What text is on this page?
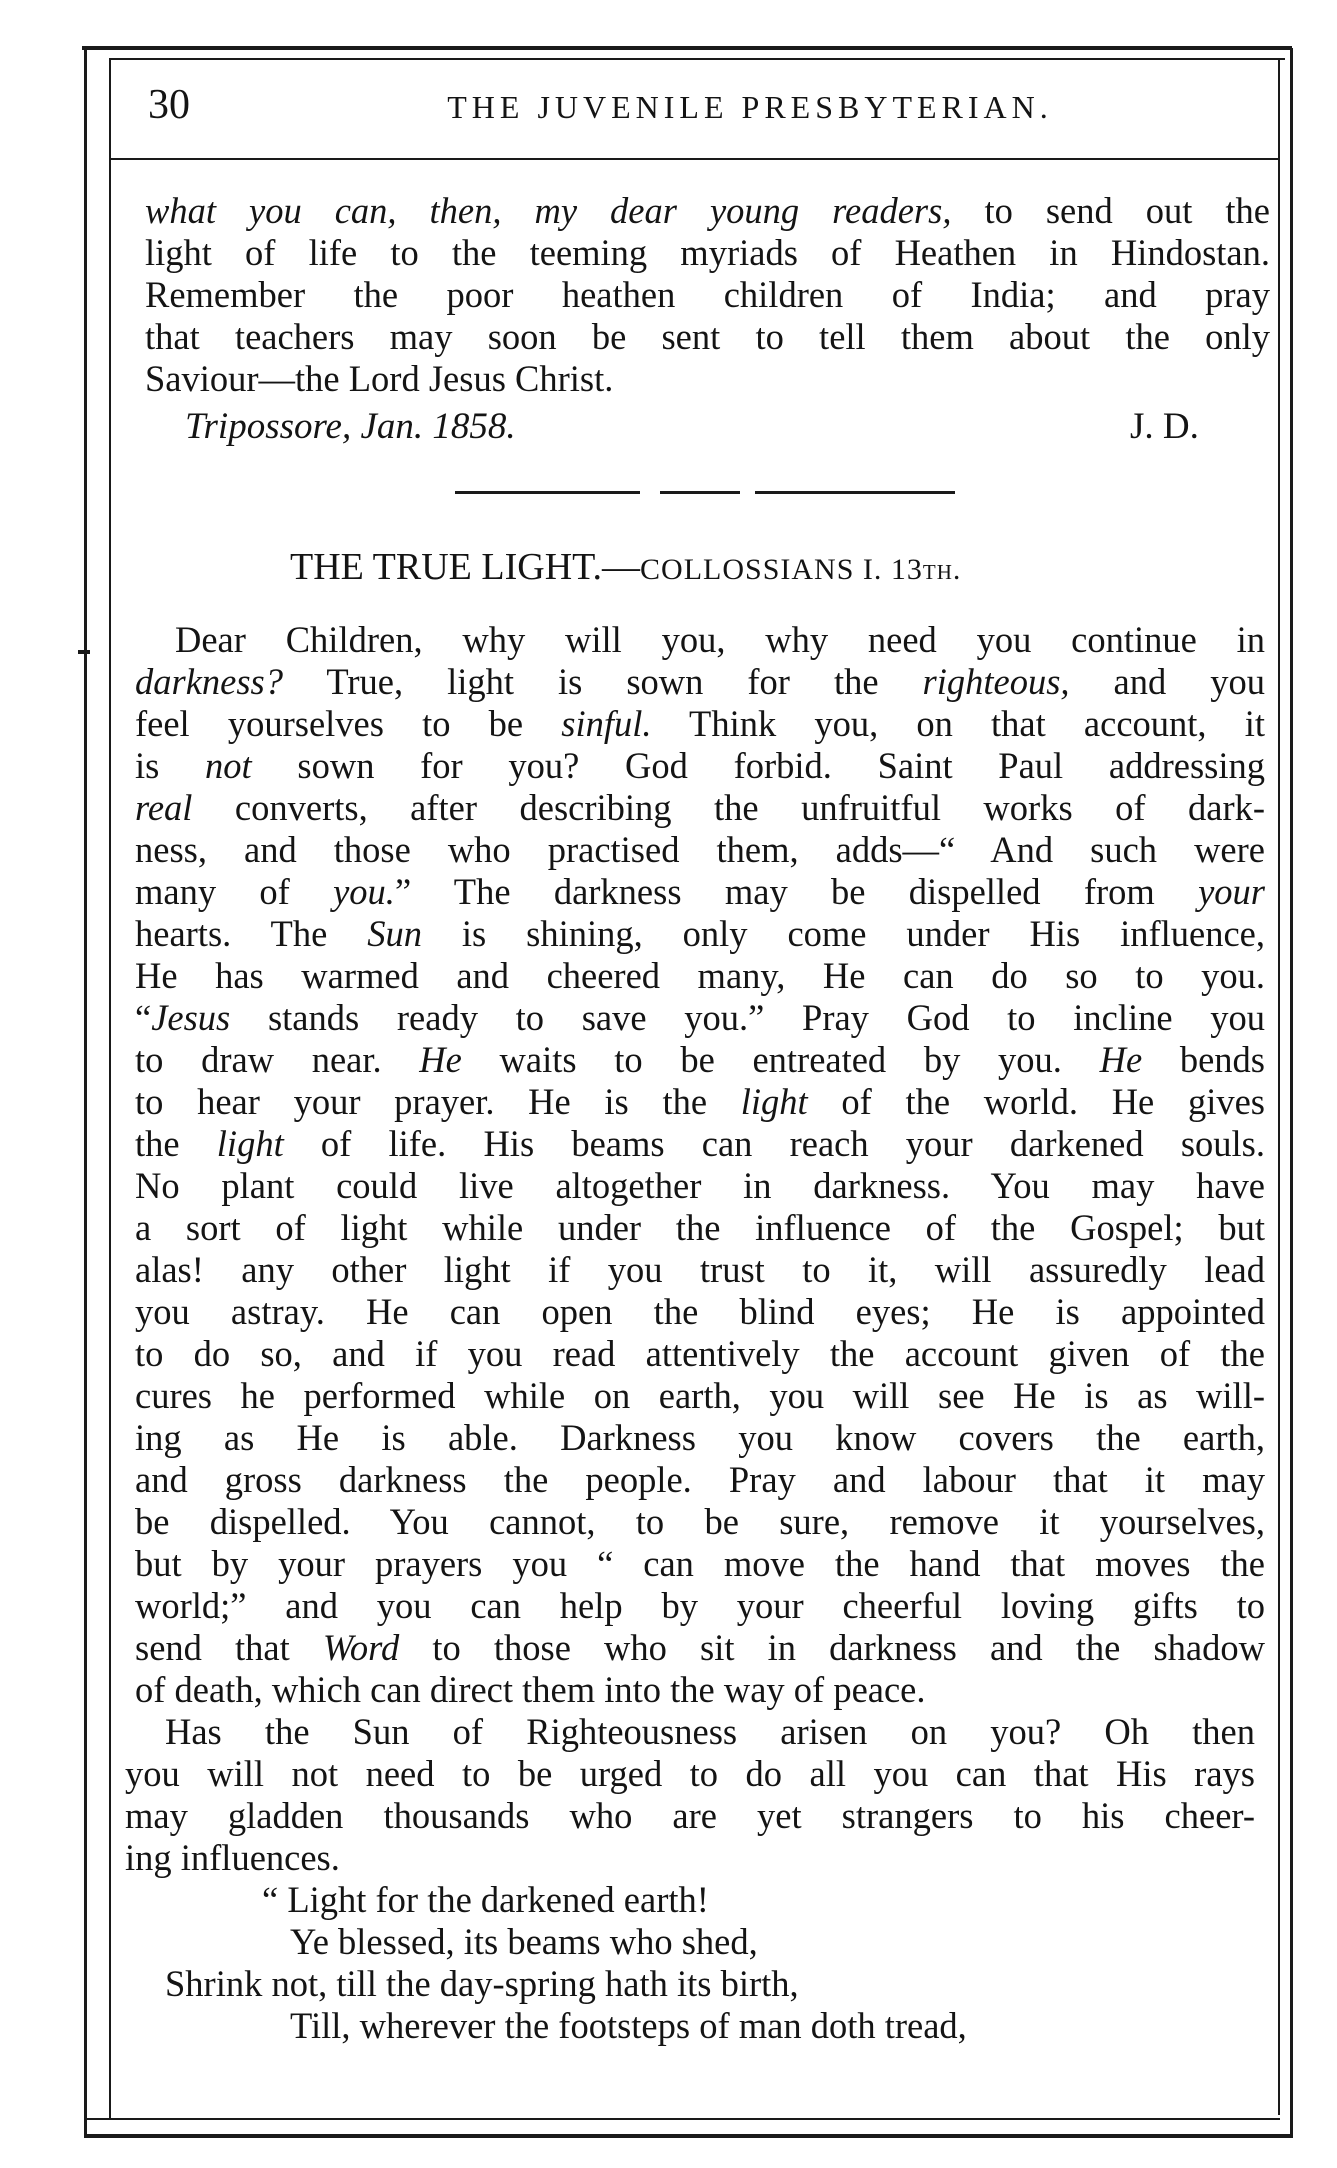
30	THE JUVENILE PRESBYTERIAN.
what you can, then, my dear young readers, to send out the
light of life to the teeming myriads of Heathen in Hindostan.
Remember the poor heathen children of India; and pray
that teachers may soon be sent to tell them about the only
Saviour—the Lord Jesus Christ.
Tripossore, Jan. 1858.	J. D.
THE TRUE LIGHT.—COLLOSSIANS I. 13th.
Dear Children, why will you, why need you continue in
darkness? True, light is sown for the righteous, and you
feel yourselves to be sinful. Think you, on that account, it
is not sown for you? God forbid. Saint Paul addressing
real converts, after describing the unfruitful works of dark-
ness, and those who practised them, adds—“ And such were
many of you.” The darkness may be dispelled from your
hearts. The Sun is shining, only come under His influence,
He has warmed and cheered many, He can do so to you.
“Jesus stands ready to save you.” Pray God to incline you
to draw near. He waits to be entreated by you. He bends
to hear your prayer. He is the light of the world. He gives
the light of life. His beams can reach your darkened souls.
No plant could live altogether in darkness. You may have
a sort of light while under the influence of the Gospel; but
alas! any other light if you trust to it, will assuredly lead
you astray. He can open the blind eyes; He is appointed
to do so, and if you read attentively the account given of the
cures he performed while on earth, you will see He is as will-
ing as He is able. Darkness you know covers the earth,
and gross darkness the people. Pray and labour that it may
be dispelled. You cannot, to be sure, remove it yourselves,
but by your prayers you “ can move the hand that moves the
world;” and you can help by your cheerful loving gifts to
send that Word to those who sit in darkness and the shadow
of death, which can direct them into the way of peace.
Has the Sun of Righteousness arisen on you? Oh then
you will not need to be urged to do all you can that His rays
may gladden thousands who are yet strangers to his cheer-
ing influences.
“ Light for the darkened earth!
Ye blessed, its beams who shed,
Shrink not, till the day-spring hath its birth,
Till, wherever the footsteps of man doth tread,
